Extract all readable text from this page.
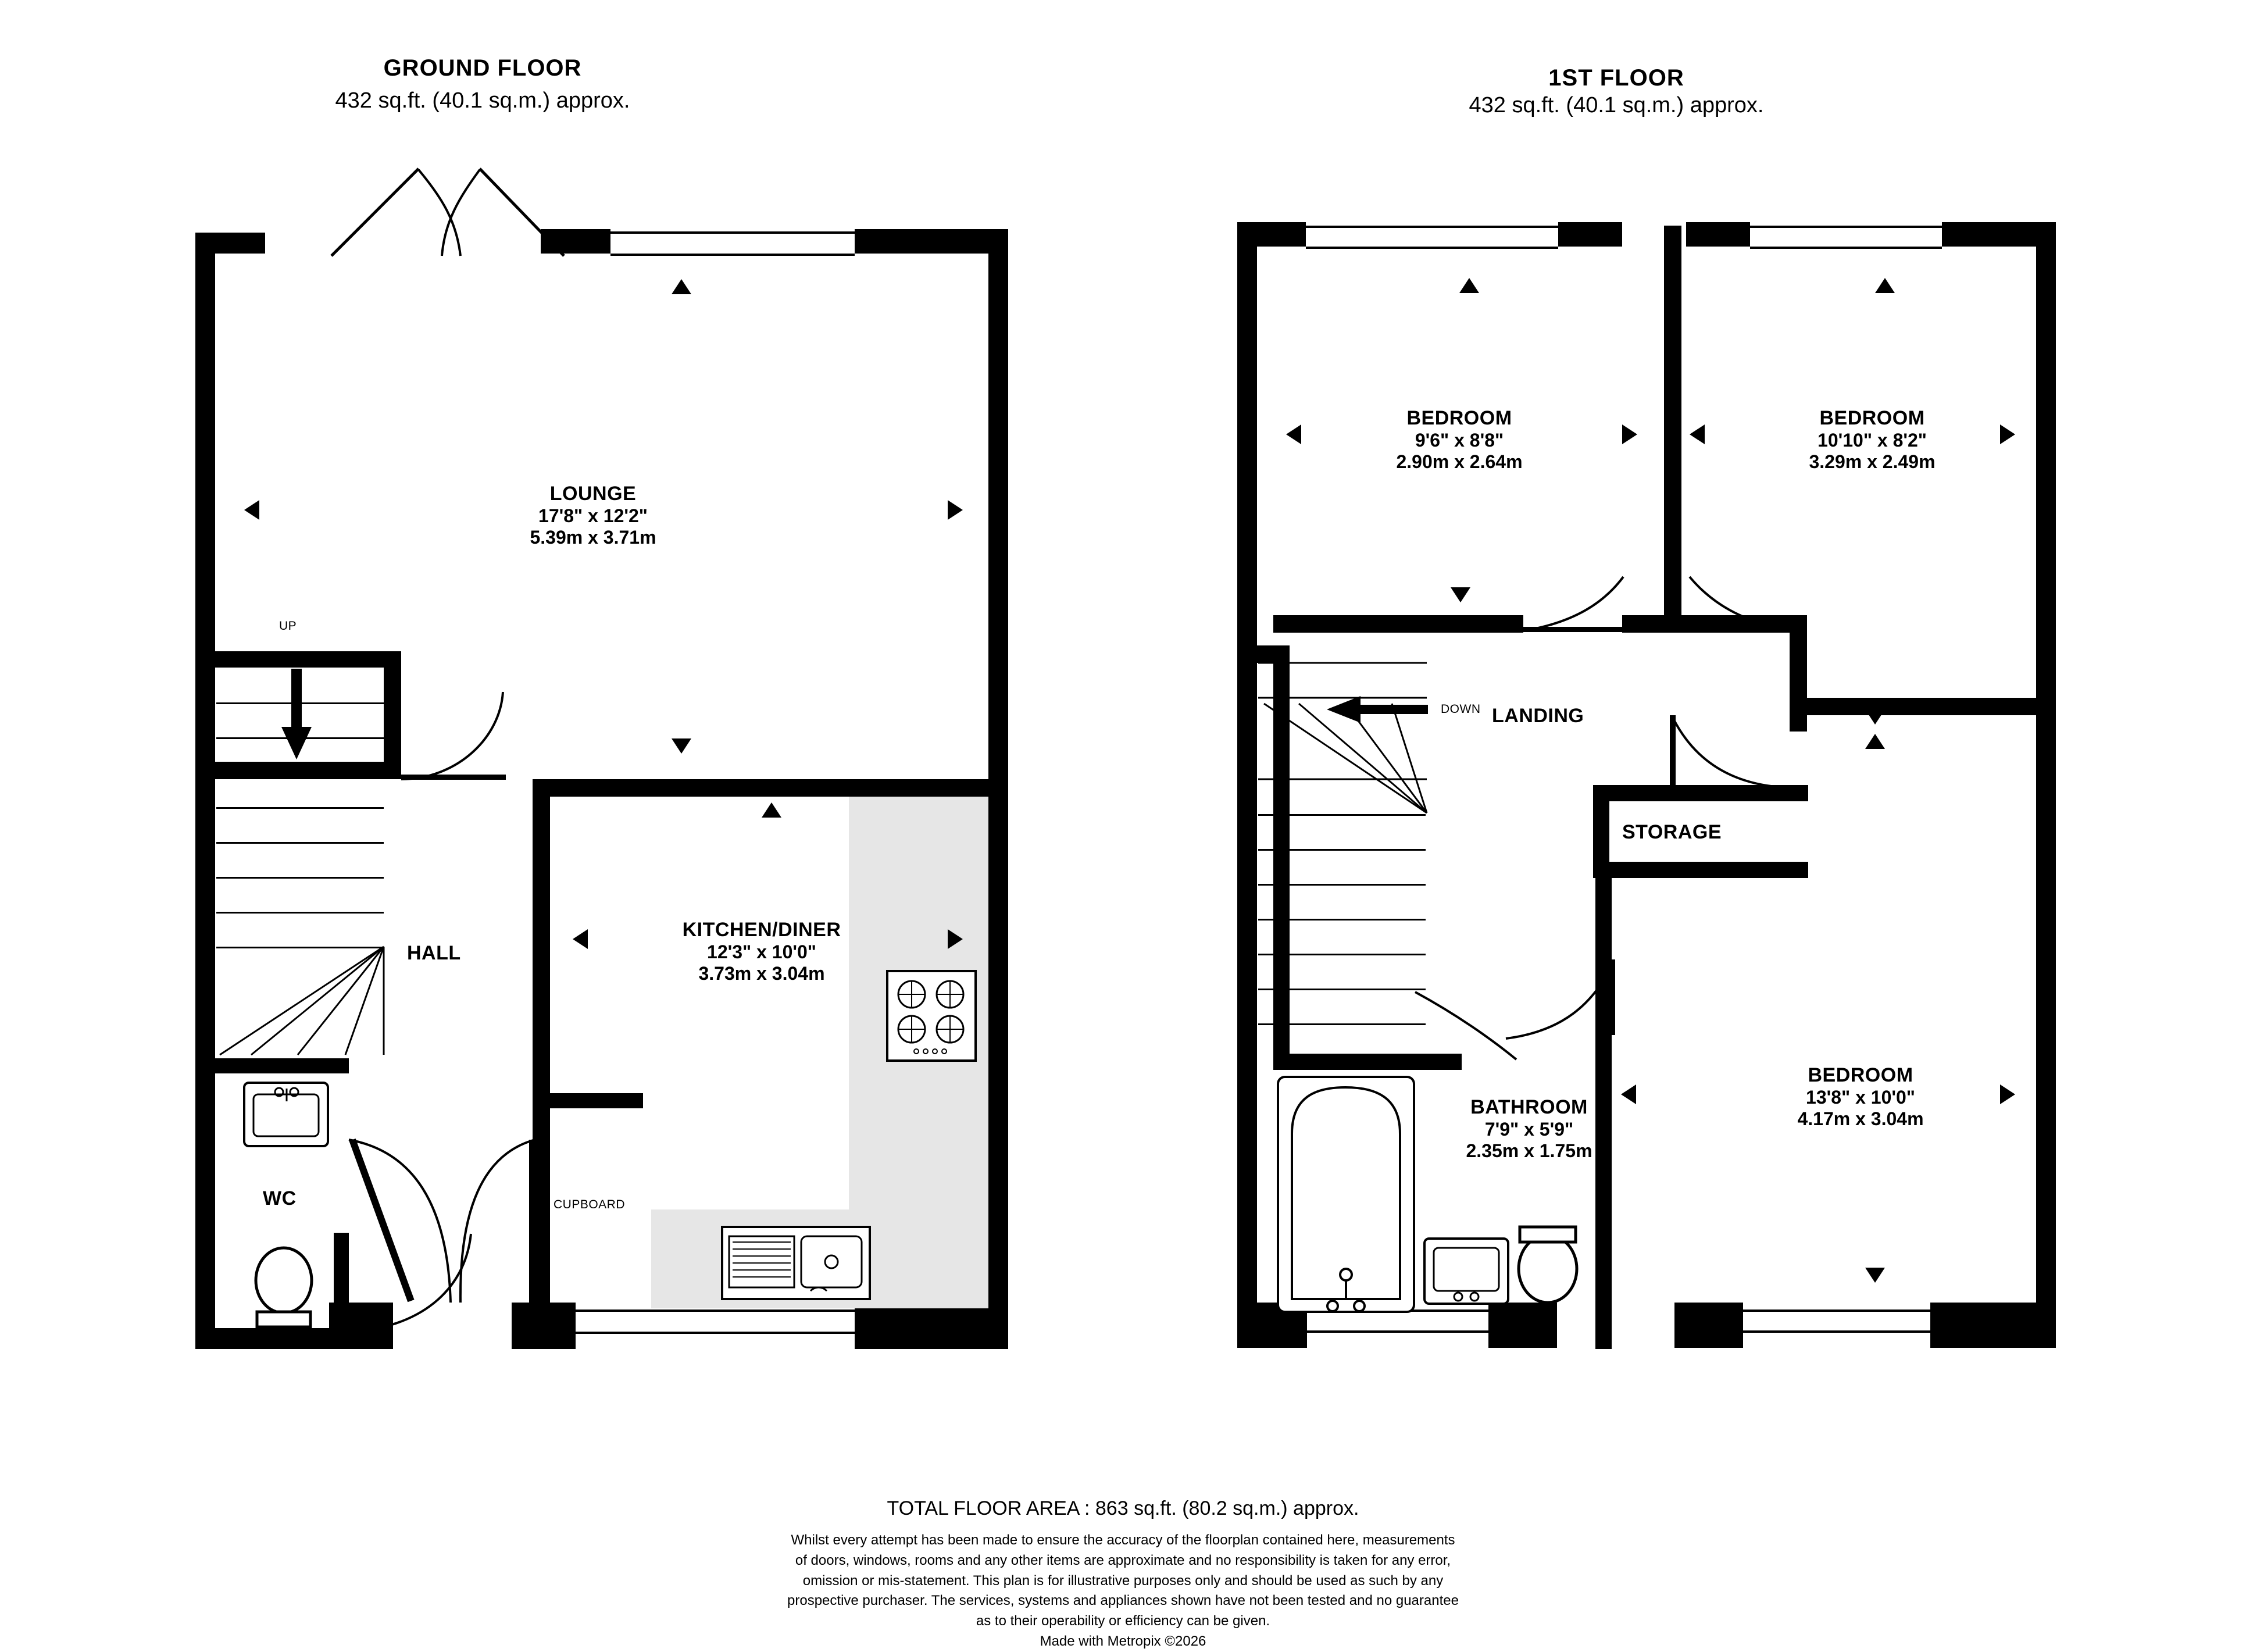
GROUND FLOOR
432 sq.ft. (40.1 sq.m.) approx.
UP
LOUNGE
17'8" x 12'2"
5.39m x 3.71m
KITCHEN/DINER
12'3" x 10'0"
3.73m x 3.04m
HALL
WC	CUPBOARD
1ST FLOOR
432 sq.ft. (40.1 sq.m.) approx.
DOWN
BEDROOM
9'6" x 8'8"
2.90m x 2.64m
BEDROOM
10'10" x 8'2"
3.29m x 2.49m
BEDROOM
13'8" x 10'0"
4.17m x 3.04m
BATHROOM
7'9" x 5'9"
2.35m x 1.75m
LANDING
STORAGE
TOTAL FLOOR AREA : 863 sq.ft. (80.2 sq.m.) approx.
Whilst every attempt has been made to ensure the accuracy of the floorplan contained here, measurements
of doors, windows, rooms and any other items are approximate and no responsibility is taken for any error,
omission or mis-statement. This plan is for illustrative purposes only and should be used as such by any
prospective purchaser. The services, systems and appliances shown have not been tested and no guarantee
as to their operability or efficiency can be given.
Made with Metropix ©2026
